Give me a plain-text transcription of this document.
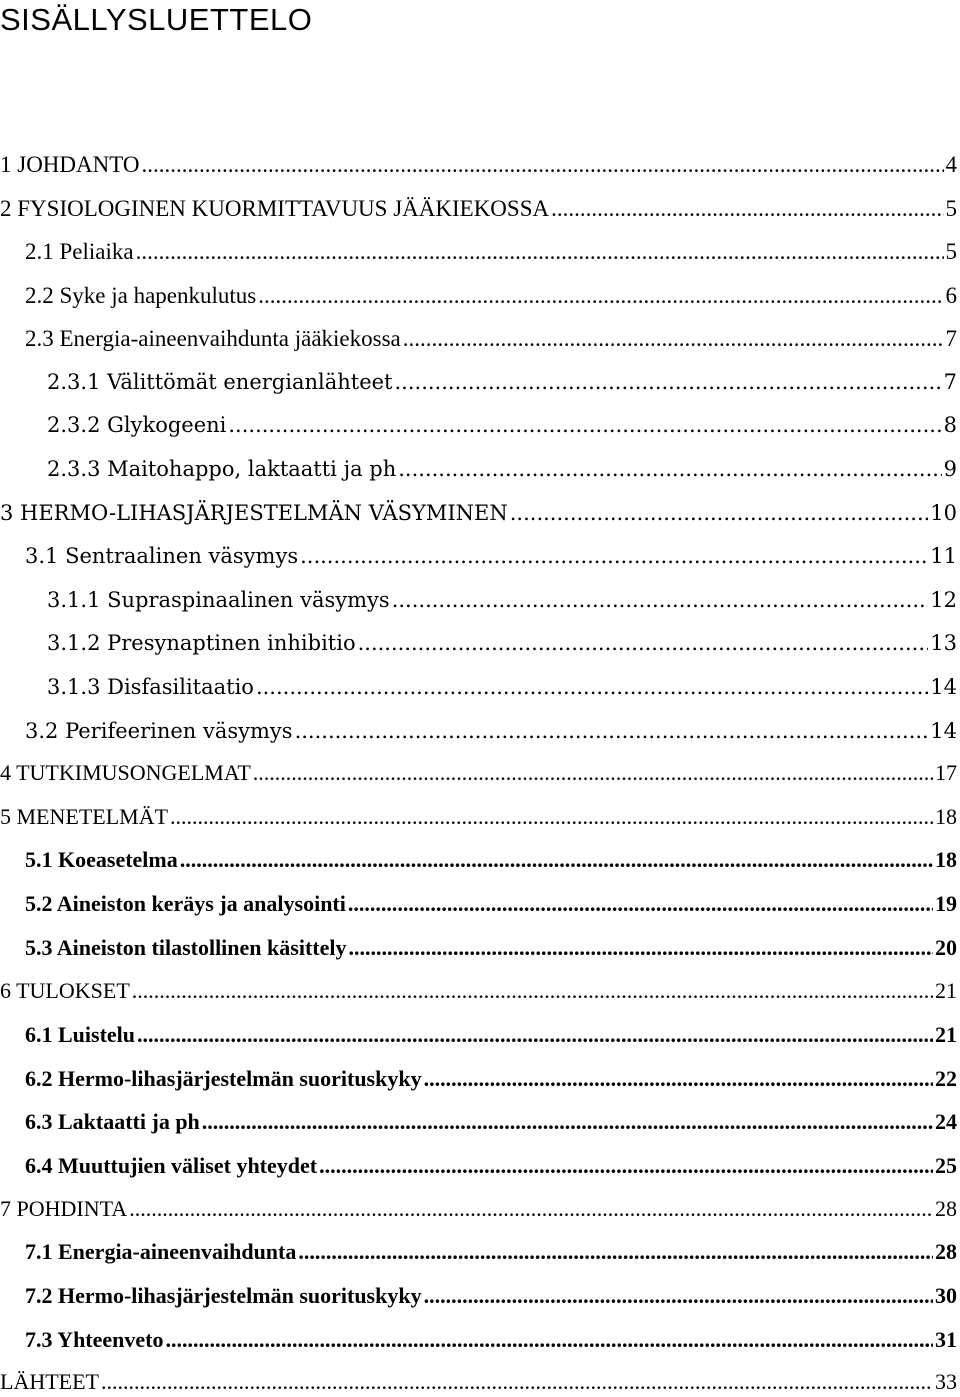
SISÄLLYSLUETTELO
1 JOHDANTO .....	4
2 FYSIOLOGINEN KUORMITTAVUUS JÄÄKIEKOSSA .....	5
2.1 Peliaika .....	5
2.2 Syke ja hapenkulutus .....	6
2.3 Energia-aineenvaihdunta jääkiekossa .....	7
2.3.1 Välittömät energianlähteet .....	7
2.3.2 Glykogeeni .....	8
2.3.3 Maitohappo, laktaatti ja ph .....	9
3 HERMO-LIHASJÄRJESTELMÄN VÄSYMINEN .....	10
3.1 Sentraalinen väsymys .....	11
3.1.1 Supraspinaalinen väsymys .....	12
3.1.2 Presynaptinen inhibitio .....	13
3.1.3 Disfasilitaatio .....	14
3.2 Perifeerinen väsymys .....	14
4 TUTKIMUSONGELMAT .....	17
5 MENETELMÄT .....	18
5.1 Koeasetelma .....	18
5.2 Aineiston keräys ja analysointi .....	19
5.3 Aineiston tilastollinen käsittely .....	20
6 TULOKSET .....	21
6.1 Luistelu .....	21
6.2 Hermo-lihasjärjestelmän suorituskyky .....	22
6.3 Laktaatti ja ph .....	24
6.4 Muuttujien väliset yhteydet .....	25
7 POHDINTA .....	28
7.1 Energia-aineenvaihdunta .....	28
7.2 Hermo-lihasjärjestelmän suorituskyky .....	30
7.3 Yhteenveto .....	31
LÄHTEET .....	33
